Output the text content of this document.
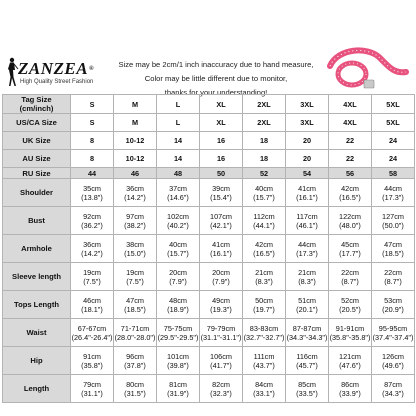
ZANZEA®
High Quality Street Fashion
Size may be 2cm/1 inch inaccuracy due to hand measure,
Color may be little different due to monitor,
thanks for your understanding!
Tag Size
(cm/inch)	S	M	L	XL	2XL	3XL	4XL	5XL
US/CA Size	S	M	L	XL	2XL	3XL	4XL	5XL
UK Size	8	10-12	14	16	18	20	22	24
AU Size	8	10-12	14	16	18	20	22	24
RU Size	44	46	48	50	52	54	56	58
Shoulder	35cm
(13.8")	36cm
(14.2")	37cm
(14.6")	39cm
(15.4")	40cm
(15.7")	41cm
(16.1")	42cm
(16.5")	44cm
(17.3")

Bust	92cm
(36.2")	97cm
(38.2")	102cm
(40.2")	107cm
(42.1")	112cm
(44.1")	117cm
(46.1")	122cm
(48.0")	127cm
(50.0")

Armhole	36cm
(14.2")	38cm
(15.0")	40cm
(15.7")	41cm
(16.1")	42cm
(16.5")	44cm
(17.3")	45cm
(17.7")	47cm
(18.5")

Sleeve length	19cm
(7.5")	19cm
(7.5")	20cm
(7.9")	20cm
(7.9")	21cm
(8.3")	21cm
(8.3")	22cm
(8.7")	22cm
(8.7")

Tops Length	46cm
(18.1")	47cm
(18.5")	48cm
(18.9")	49cm
(19.3")	50cm
(19.7")	51cm
(20.1")	52cm
(20.5")	53cm
(20.9")

Waist	67-67cm
(26.4"-26.4")	71-71cm
(28.0"-28.0")	75-75cm
(29.5"-29.5")	79-79cm
(31.1"-31.1")	83-83cm
(32.7"-32.7")	87-87cm
(34.3"-34.3")	91-91cm
(35.8"-35.8")	95-95cm
(37.4"-37.4")

Hip	91cm
(35.8")	96cm
(37.8")	101cm
(39.8")	106cm
(41.7")	111cm
(43.7")	116cm
(45.7")	121cm
(47.6")	126cm
(49.6")

Length	79cm
(31.1")	80cm
(31.5")	81cm
(31.9")	82cm
(32.3")	84cm
(33.1")	85cm
(33.5")	86cm
(33.9")	87cm
(34.3")
